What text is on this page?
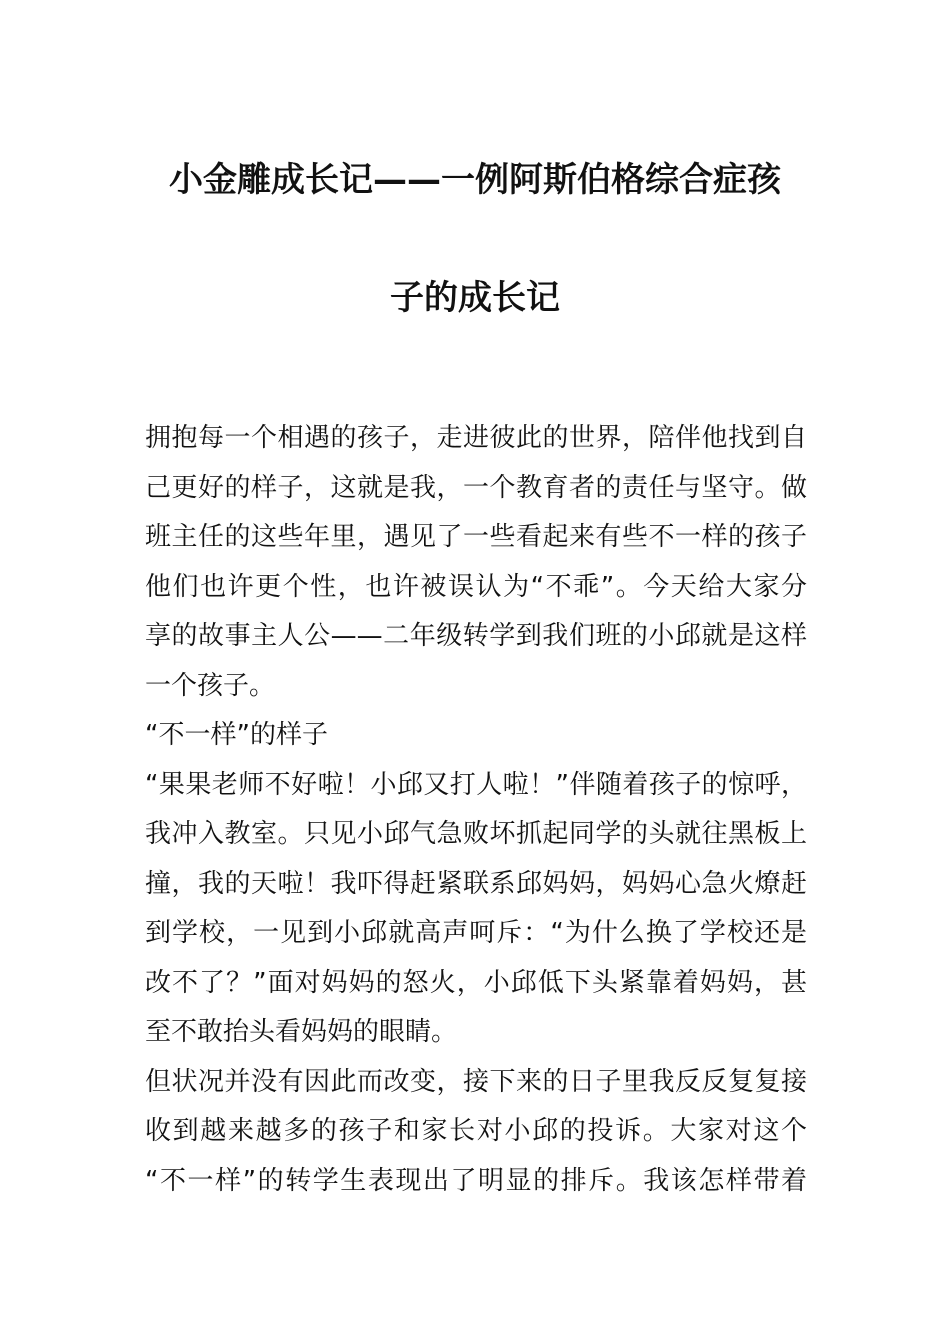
小金雕成长记——一例阿斯伯格综合症孩
子的成长记
拥抱每一个相遇的孩子，走进彼此的世界，陪伴他找到自
己更好的样子，这就是我，一个教育者的责任与坚守。做
班主任的这些年里，遇见了一些看起来有些不一样的孩子
他们也许更个性，也许被误认为“不乖”。今天给大家分
享的故事主人公——二年级转学到我们班的小邱就是这样
一个孩子。
“不一样”的样子
“果果老师不好啦！小邱又打人啦！”伴随着孩子的惊呼，
我冲入教室。只见小邱气急败坏抓起同学的头就往黑板上
撞，我的天啦！我吓得赶紧联系邱妈妈，妈妈心急火燎赶
到学校，一见到小邱就高声呵斥：“为什么换了学校还是
改不了？”面对妈妈的怒火，小邱低下头紧靠着妈妈，甚
至不敢抬头看妈妈的眼睛。
但状况并没有因此而改变，接下来的日子里我反反复复接
收到越来越多的孩子和家长对小邱的投诉。大家对这个
“不一样”的转学生表现出了明显的排斥。我该怎样带着
